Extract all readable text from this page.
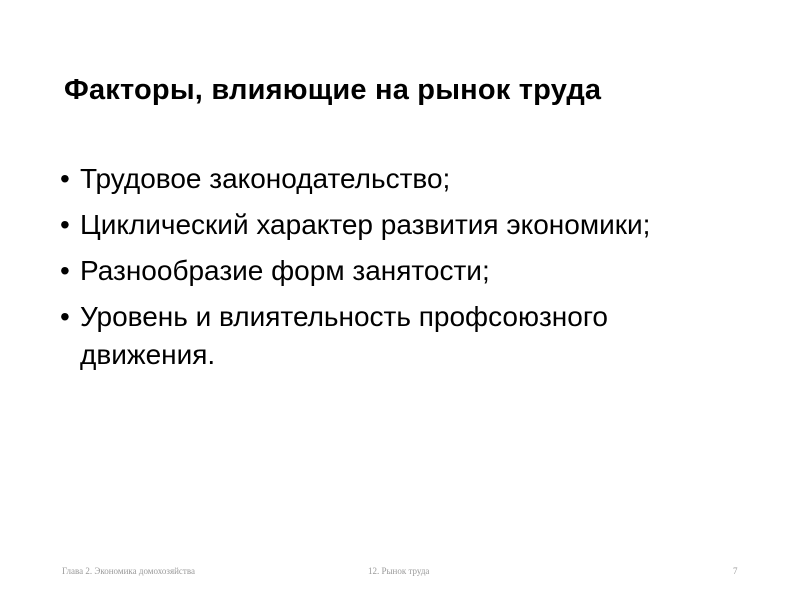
Факторы, влияющие на рынок труда
• Трудовое законодательство;
• Циклический характер развития экономики;
• Разнообразие форм занятости;
• Уровень и влиятельность профсоюзного движения.
Глава 2. Экономика домохозяйства	12. Рынок труда	7
